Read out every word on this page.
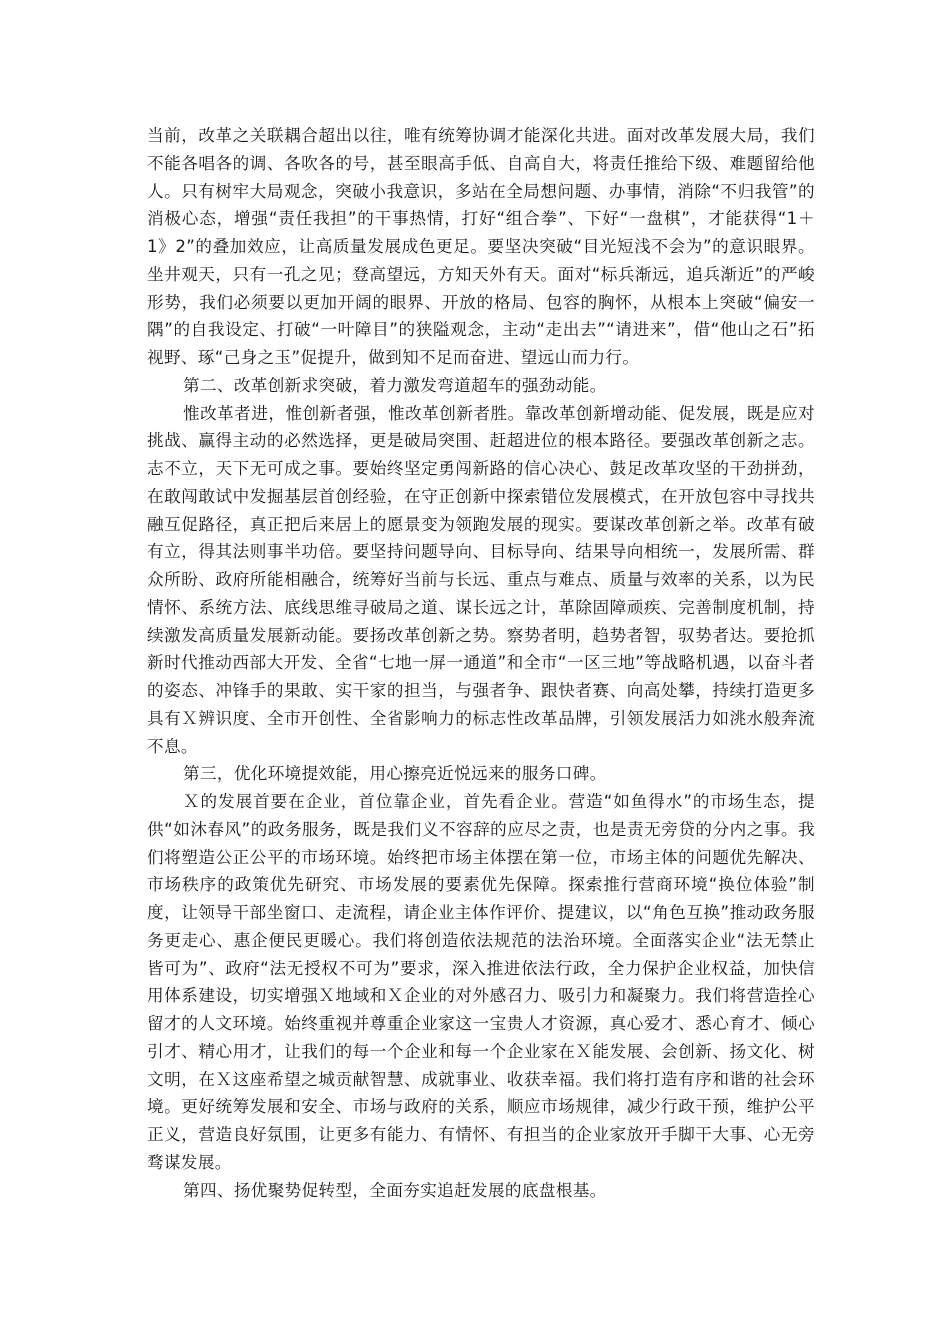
当前，改革之关联耦合超出以往，唯有统筹协调才能深化共进。面对改革发展大局，我们不能各唱各的调、各吹各的号，甚至眼高手低、自高自大，将责任推给下级、难题留给他人。只有树牢大局观念，突破小我意识，多站在全局想问题、办事情，消除“不归我管”的消极心态，增强“责任我担”的干事热情，打好“组合拳”、下好“一盘棋”，才能获得“1＋1》2”的叠加效应，让高质量发展成色更足。要坚决突破“目光短浅不会为”的意识眼界。坐井观天，只有一孔之见；登高望远，方知天外有天。面对“标兵渐远，追兵渐近”的严峻形势，我们必须要以更加开阔的眼界、开放的格局、包容的胸怀，从根本上突破“偏安一隅”的自我设定、打破“一叶障目”的狭隘观念，主动“走出去”“请进来”，借“他山之石”拓视野、琢“己身之玉”促提升，做到知不足而奋进、望远山而力行。

第二、改革创新求突破，着力激发弯道超车的强劲动能。

惟改革者进，惟创新者强，惟改革创新者胜。靠改革创新增动能、促发展，既是应对挑战、赢得主动的必然选择，更是破局突围、赶超进位的根本路径。要强改革创新之志。志不立，天下无可成之事。要始终坚定勇闯新路的信心决心、鼓足改革攻坚的干劲拼劲，在敢闯敢试中发掘基层首创经验，在守正创新中探索错位发展模式，在开放包容中寻找共融互促路径，真正把后来居上的愿景变为领跑发展的现实。要谋改革创新之举。改革有破有立，得其法则事半功倍。要坚持问题导向、目标导向、结果导向相统一，发展所需、群众所盼、政府所能相融合，统筹好当前与长远、重点与难点、质量与效率的关系，以为民情怀、系统方法、底线思维寻破局之道、谋长远之计，革除固障顽疾、完善制度机制，持续激发高质量发展新动能。要扬改革创新之势。察势者明，趋势者智，驭势者达。要抢抓新时代推动西部大开发、全省“七地一屏一通道”和全市“一区三地”等战略机遇，以奋斗者的姿态、冲锋手的果敢、实干家的担当，与强者争、跟快者赛、向高处攀，持续打造更多具有Ｘ辨识度、全市开创性、全省影响力的标志性改革品牌，引领发展活力如洮水般奔流不息。

第三，优化环境提效能，用心擦亮近悦远来的服务口碑。

Ｘ的发展首要在企业，首位靠企业，首先看企业。营造“如鱼得水”的市场生态，提供“如沐春风”的政务服务，既是我们义不容辞的应尽之责，也是责无旁贷的分内之事。我们将塑造公正公平的市场环境。始终把市场主体摆在第一位，市场主体的问题优先解决、市场秩序的政策优先研究、市场发展的要素优先保障。探索推行营商环境“换位体验”制度，让领导干部坐窗口、走流程，请企业主体作评价、提建议，以“角色互换”推动政务服务更走心、惠企便民更暖心。我们将创造依法规范的法治环境。全面落实企业“法无禁止皆可为”、政府“法无授权不可为”要求，深入推进依法行政，全力保护企业权益，加快信用体系建设，切实增强Ｘ地域和Ｘ企业的对外感召力、吸引力和凝聚力。我们将营造拴心留才的人文环境。始终重视并尊重企业家这一宝贵人才资源，真心爱才、悉心育才、倾心引才、精心用才，让我们的每一个企业和每一个企业家在Ｘ能发展、会创新、扬文化、树文明，在Ｘ这座希望之城贡献智慧、成就事业、收获幸福。我们将打造有序和谐的社会环境。更好统筹发展和安全、市场与政府的关系，顺应市场规律，减少行政干预，维护公平正义，营造良好氛围，让更多有能力、有情怀、有担当的企业家放开手脚干大事、心无旁骛谋发展。

第四、扬优聚势促转型，全面夯实追赶发展的底盘根基。
